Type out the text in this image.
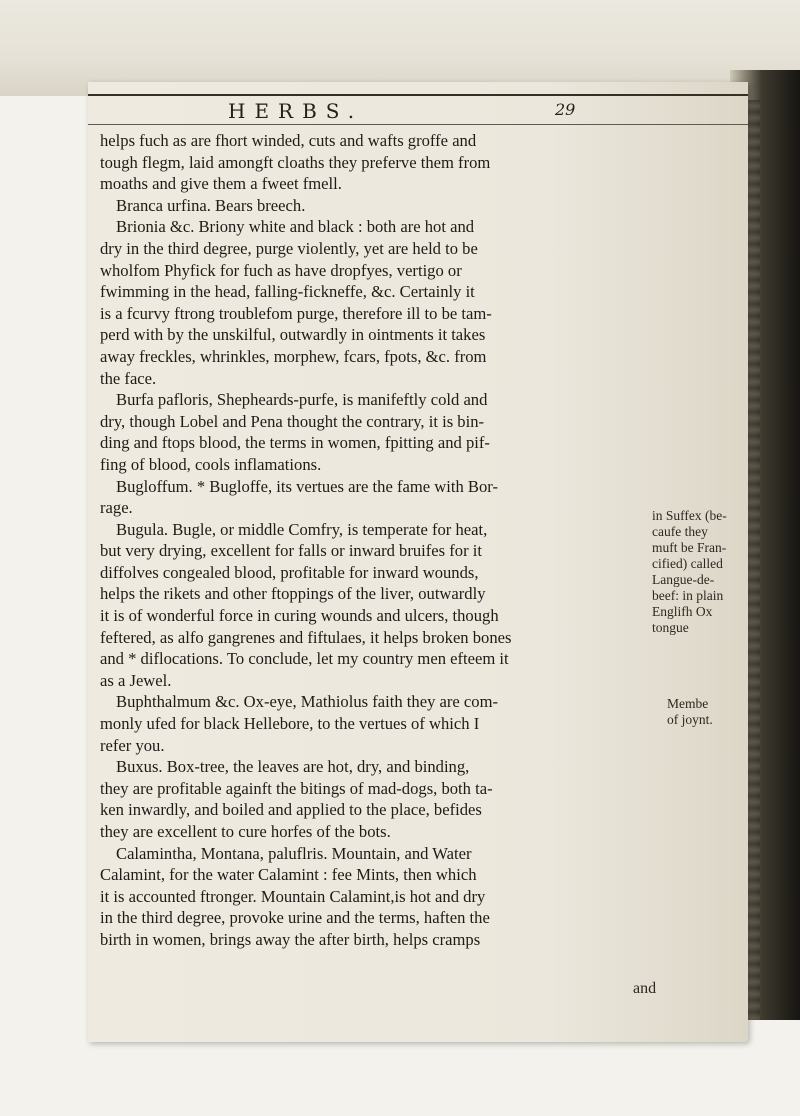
HERBS.	29
helps fuch as are fhort winded, cuts and wafts groffe and
tough flegm, laid amongft cloaths they preferve them from
moaths and give them a fweet fmell.
Branca urfina. Bears breech.
Brionia &c. Briony white and black : both are hot and
dry in the third degree, purge violently, yet are held to be
wholfom Phyfick for fuch as have dropfyes, vertigo or
fwimming in the head, falling-fickneffe, &c. Certainly it
is a fcurvy ftrong troublefom purge, therefore ill to be tam-
perd with by the unskilful, outwardly in ointments it takes
away freckles, whrinkles, morphew, fcars, fpots, &c. from
the face.
Burfa pafloris, Shepheards-purfe, is manifeftly cold and
dry, though Lobel and Pena thought the contrary, it is bin-
ding and ftops blood, the terms in women, fpitting and pif-
fing of blood, cools inflamations.
Bugloffum. * Bugloffe, its vertues are the fame with Bor-
rage.
Bugula. Bugle, or middle Comfry, is temperate for heat,
but very drying, excellent for falls or inward bruifes for it
diffolves congealed blood, profitable for inward wounds,
helps the rikets and other ftoppings of the liver, outwardly
it is of wonderful force in curing wounds and ulcers, though
feftered, as alfo gangrenes and fiftulaes, it helps broken bones
and * diflocations. To conclude, let my country men efteem it
as a Jewel.
Buphthalmum &c. Ox-eye, Mathiolus faith they are com-
monly ufed for black Hellebore, to the vertues of which I
refer you.
Buxus. Box-tree, the leaves are hot, dry, and binding,
they are profitable againft the bitings of mad-dogs, both ta-
ken inwardly, and boiled and applied to the place, befides
they are excellent to cure horfes of the bots.
Calamintha, Montana, paluflris. Mountain, and Water
Calamint, for the water Calamint : fee Mints, then which
it is accounted ftronger. Mountain Calamint,is hot and dry
in the third degree, provoke urine and the terms, haften the
birth in women, brings away the after birth, helps cramps
in Suffex (be-
caufe they
muft be Fran-
cified) called
Langue-de-
beef: in plain
Englifh Ox
tongue
Membe
of joynt.
and
